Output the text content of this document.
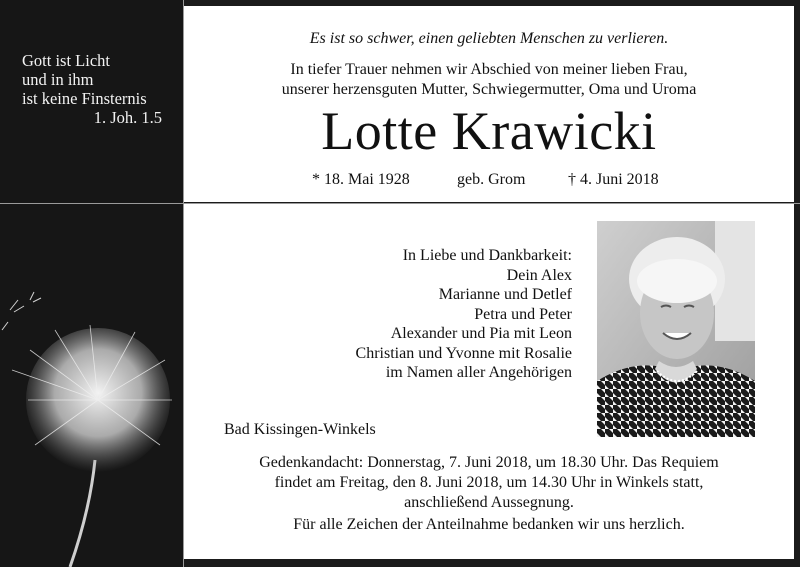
Gott ist Licht
und in ihm
ist keine Finsternis
1. Joh. 1.5
Es ist so schwer, einen geliebten Menschen zu verlieren.
In tiefer Trauer nehmen wir Abschied von meiner lieben Frau,
unserer herzensguten Mutter, Schwiegermutter, Oma und Uroma
Lotte Krawicki
* 18. Mai 1928	geb. Grom	† 4. Juni 2018
In Liebe und Dankbarkeit:
Dein Alex
Marianne und Detlef
Petra und Peter
Alexander und Pia mit Leon
Christian und Yvonne mit Rosalie
im Namen aller Angehörigen
Bad Kissingen-Winkels
Gedenkandacht: Donnerstag, 7. Juni 2018, um 18.30 Uhr. Das Requiem
findet am Freitag, den 8. Juni 2018, um 14.30 Uhr in Winkels statt,
anschließend Aussegnung.
Für alle Zeichen der Anteilnahme bedanken wir uns herzlich.
